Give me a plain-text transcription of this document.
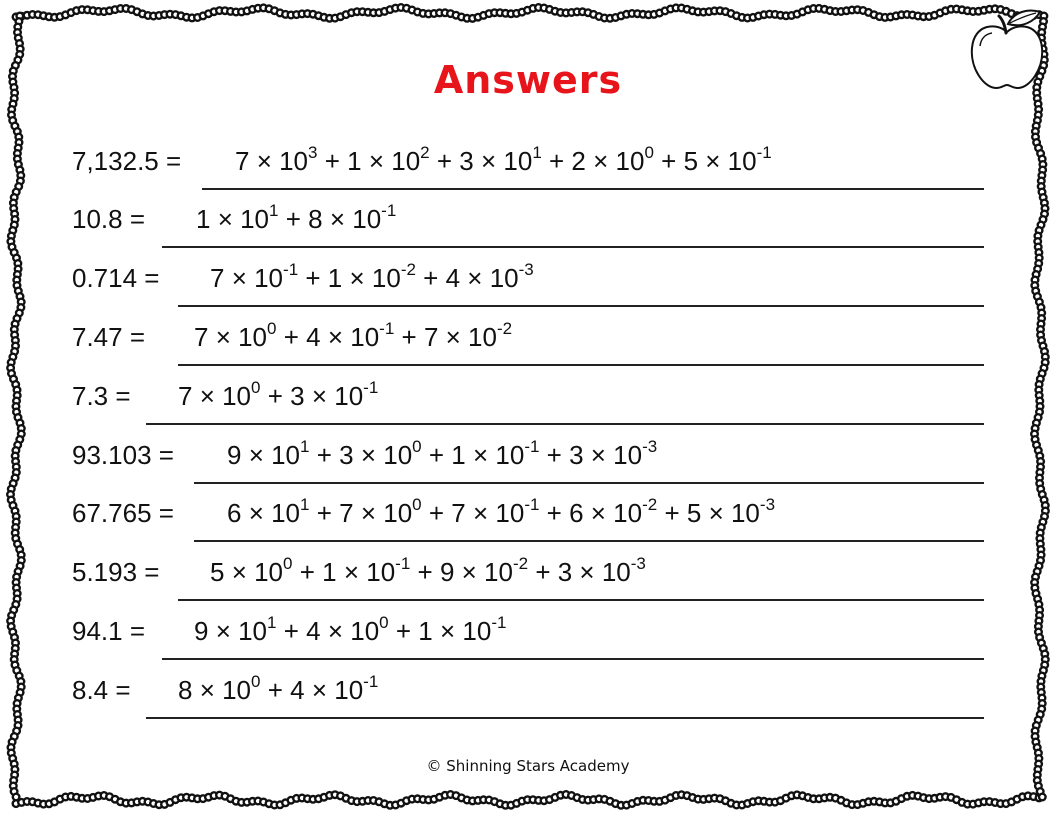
Answers
$7,132.5 = 7 \times 10^3 + 1 \times 10^2 + 3 \times 10^1 + 2 \times 10^0 + 5 \times 10^{-1}$
$10.8 = 1 \times 10^1 + 8 \times 10^{-1}$
$0.714 = 7 \times 10^{-1} + 1 \times 10^{-2} + 4 \times 10^{-3}$
$7.47 = 7 \times 10^0 + 4 \times 10^{-1} + 7 \times 10^{-2}$
$7.3 = 7 \times 10^0 + 3 \times 10^{-1}$
$93.103 = 9 \times 10^1 + 3 \times 10^0 + 1 \times 10^{-1} + 3 \times 10^{-3}$
$67.765 = 6 \times 10^1 + 7 \times 10^0 + 7 \times 10^{-1} + 6 \times 10^{-2} + 5 \times 10^{-3}$
$5.193 = 5 \times 10^0 + 1 \times 10^{-1} + 9 \times 10^{-2} + 3 \times 10^{-3}$
$94.1 = 9 \times 10^1 + 4 \times 10^0 + 1 \times 10^{-1}$
$8.4 = 8 \times 10^0 + 4 \times 10^{-1}$
© Shinning Stars Academy
